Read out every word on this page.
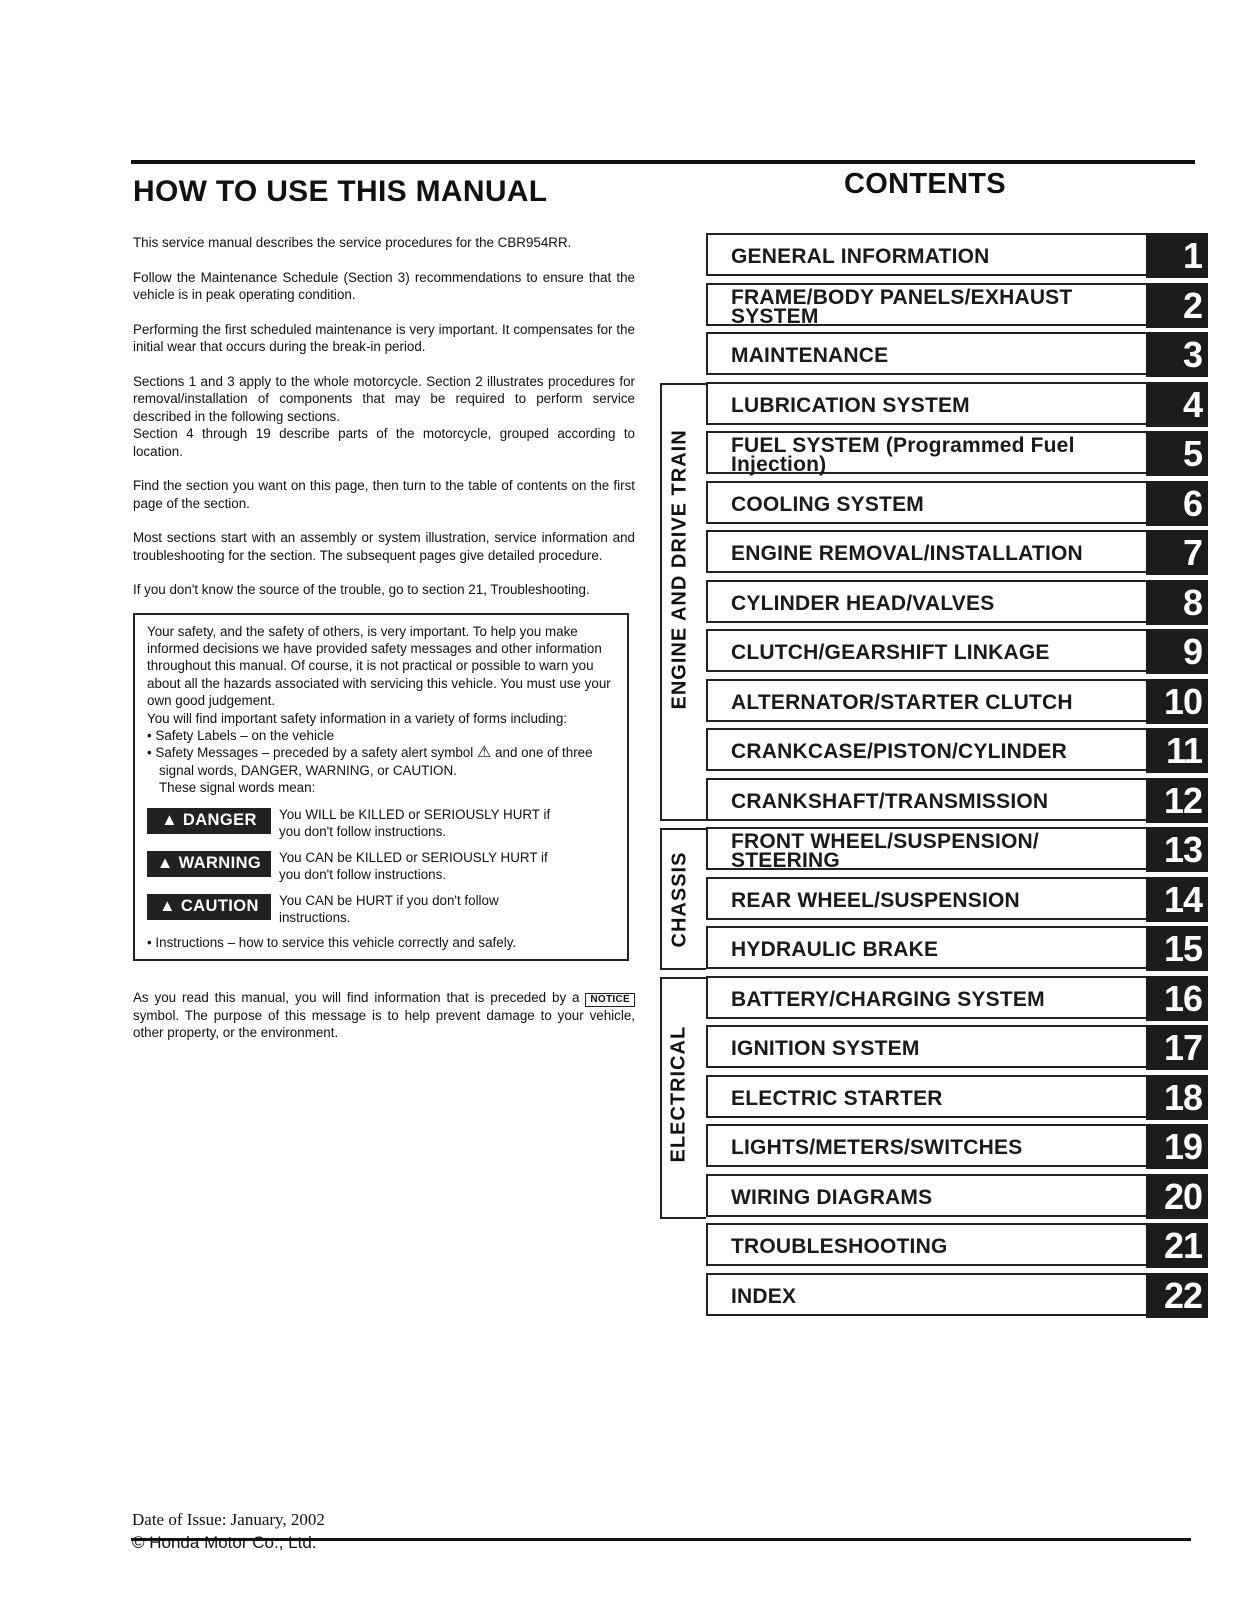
HOW TO USE THIS MANUAL

This service manual describes the service procedures for the CBR954RR.

Follow the Maintenance Schedule (Section 3) recommendations to ensure that the vehicle is in peak operating condition.

Performing the first scheduled maintenance is very important. It compensates for the initial wear that occurs during the break-in period.

Sections 1 and 3 apply to the whole motorcycle. Section 2 illustrates procedures for removal/installation of components that may be required to perform service described in the following sections.

Section 4 through 19 describe parts of the motorcycle, grouped according to location.

Find the section you want on this page, then turn to the table of contents on the first page of the section.

Most sections start with an assembly or system illustration, service information and troubleshooting for the section. The subsequent pages give detailed procedure.

If you don't know the source of the trouble, go to section 21, Troubleshooting.

Your safety, and the safety of others, is very important. To help you make informed decisions we have provided safety messages and other information throughout this manual. Of course, it is not practical or possible to warn you about all the hazards associated with servicing this vehicle. You must use your own good judgement.

You will find important safety information in a variety of forms including:

• Safety Labels – on the vehicle

• Safety Messages – preceded by a safety alert symbol ⚠ and one of three signal words, DANGER, WARNING, or CAUTION.

These signal words mean:

▲ DANGER	You WILL be KILLED or SERIOUSLY HURT if you don't follow instructions.
▲ WARNING	You CAN be KILLED or SERIOUSLY HURT if you don't follow instructions.
▲ CAUTION	You CAN be HURT if you don't follow instructions.

• Instructions – how to service this vehicle correctly and safely.

As you read this manual, you will find information that is preceded by a NOTICE symbol. The purpose of this message is to help prevent damage to your vehicle, other property, or the environment.

CONTENTS
ENGINE AND DRIVE TRAIN
CHASSIS
ELECTRICAL
GENERAL INFORMATION	1
FRAME/BODY PANELS/EXHAUST SYSTEM	2
MAINTENANCE	3
LUBRICATION SYSTEM	4
FUEL SYSTEM (Programmed Fuel Injection)	5
COOLING SYSTEM	6
ENGINE REMOVAL/INSTALLATION	7
CYLINDER HEAD/VALVES	8
CLUTCH/GEARSHIFT LINKAGE	9
ALTERNATOR/STARTER CLUTCH	10
CRANKCASE/PISTON/CYLINDER	11
CRANKSHAFT/TRANSMISSION	12
FRONT WHEEL/SUSPENSION/ STEERING	13
REAR WHEEL/SUSPENSION	14
HYDRAULIC BRAKE	15
BATTERY/CHARGING SYSTEM	16
IGNITION SYSTEM	17
ELECTRIC STARTER	18
LIGHTS/METERS/SWITCHES	19
WIRING DIAGRAMS	20
TROUBLESHOOTING	21
INDEX	22
Date of Issue: January, 2002
© Honda Motor Co., Ltd.
